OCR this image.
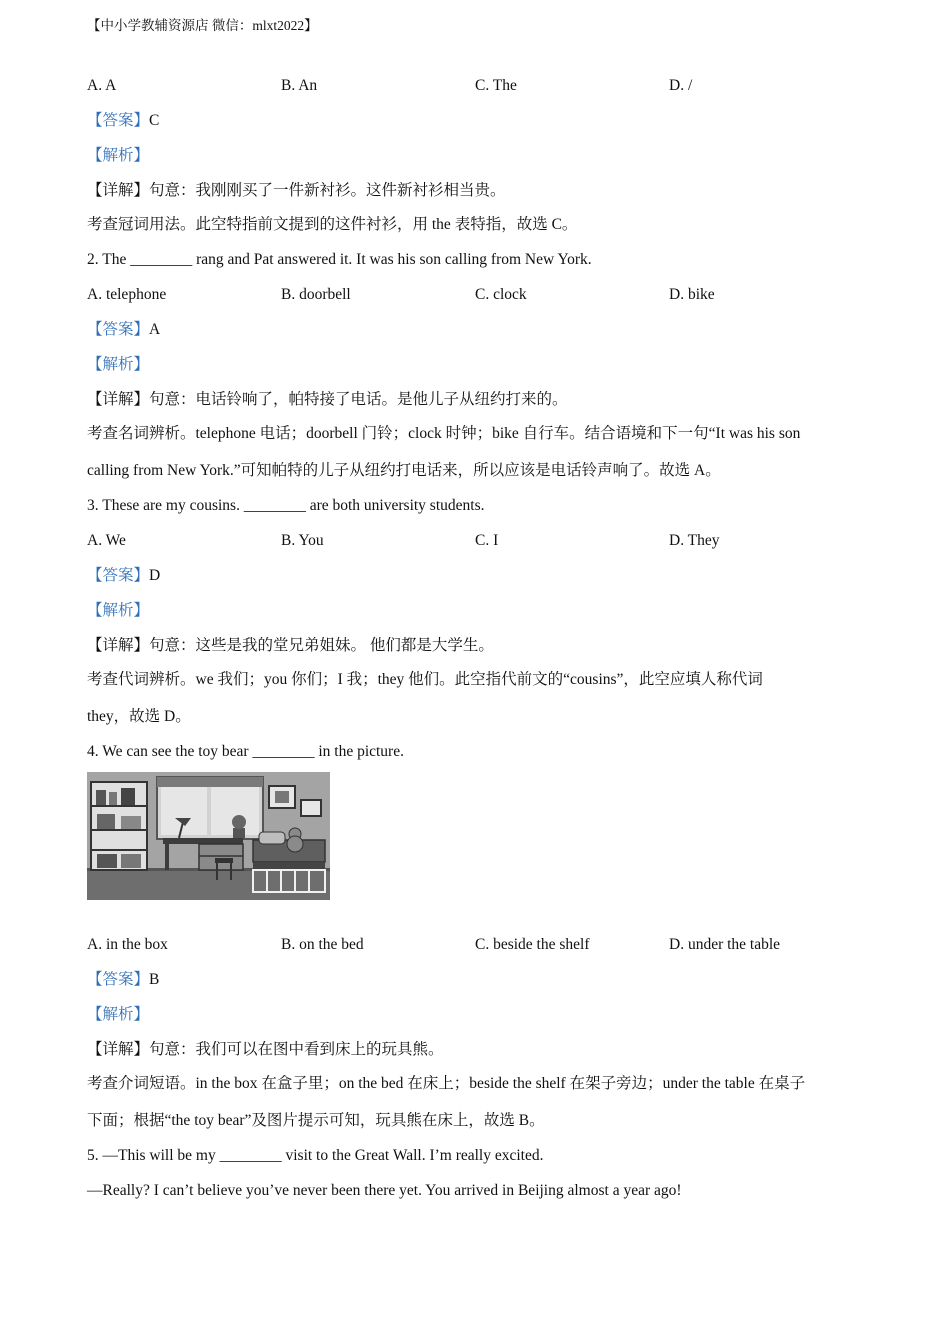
【中小学教辅资源店 微信：mlxt2022】
A. A	B. An	C. The	D. /
【答案】C
【解析】
【详解】句意：我刚刚买了一件新衬衫。这件新衬衫相当贵。
考查冠词用法。此空特指前文提到的这件衬衫，用 the 表特指，故选 C。
2. The ________ rang and Pat answered it. It was his son calling from New York.
A. telephone	B. doorbell	C. clock	D. bike
【答案】A
【解析】
【详解】句意：电话铃响了，帕特接了电话。是他儿子从纽约打来的。
考查名词辨析。telephone 电话；doorbell 门铃；clock 时钟；bike 自行车。结合语境和下一句“It was his son
calling from New York.”可知帕特的儿子从纽约打电话来，所以应该是电话铃声响了。故选 A。
3. These are my cousins. ________ are both university students.
A. We	B. You	C. I	D. They
【答案】D
【解析】
【详解】句意：这些是我的堂兄弟姐妹。 他们都是大学生。
考查代词辨析。we 我们；you 你们；I 我；they 他们。此空指代前文的“cousins”，此空应填人称代词
they，故选 D。
4. We can see the toy bear ________ in the picture.
A. in the box	B. on the bed	C. beside the shelf	D. under the table
【答案】B
【解析】
【详解】句意：我们可以在图中看到床上的玩具熊。
考查介词短语。in the box 在盒子里；on the bed 在床上；beside the shelf 在架子旁边；under the table 在桌子
下面；根据“the toy bear”及图片提示可知，玩具熊在床上，故选 B。
5. —This will be my ________ visit to the Great Wall. I’m really excited.
—Really? I can’t believe you’ve never been there yet. You arrived in Beijing almost a year ago!
